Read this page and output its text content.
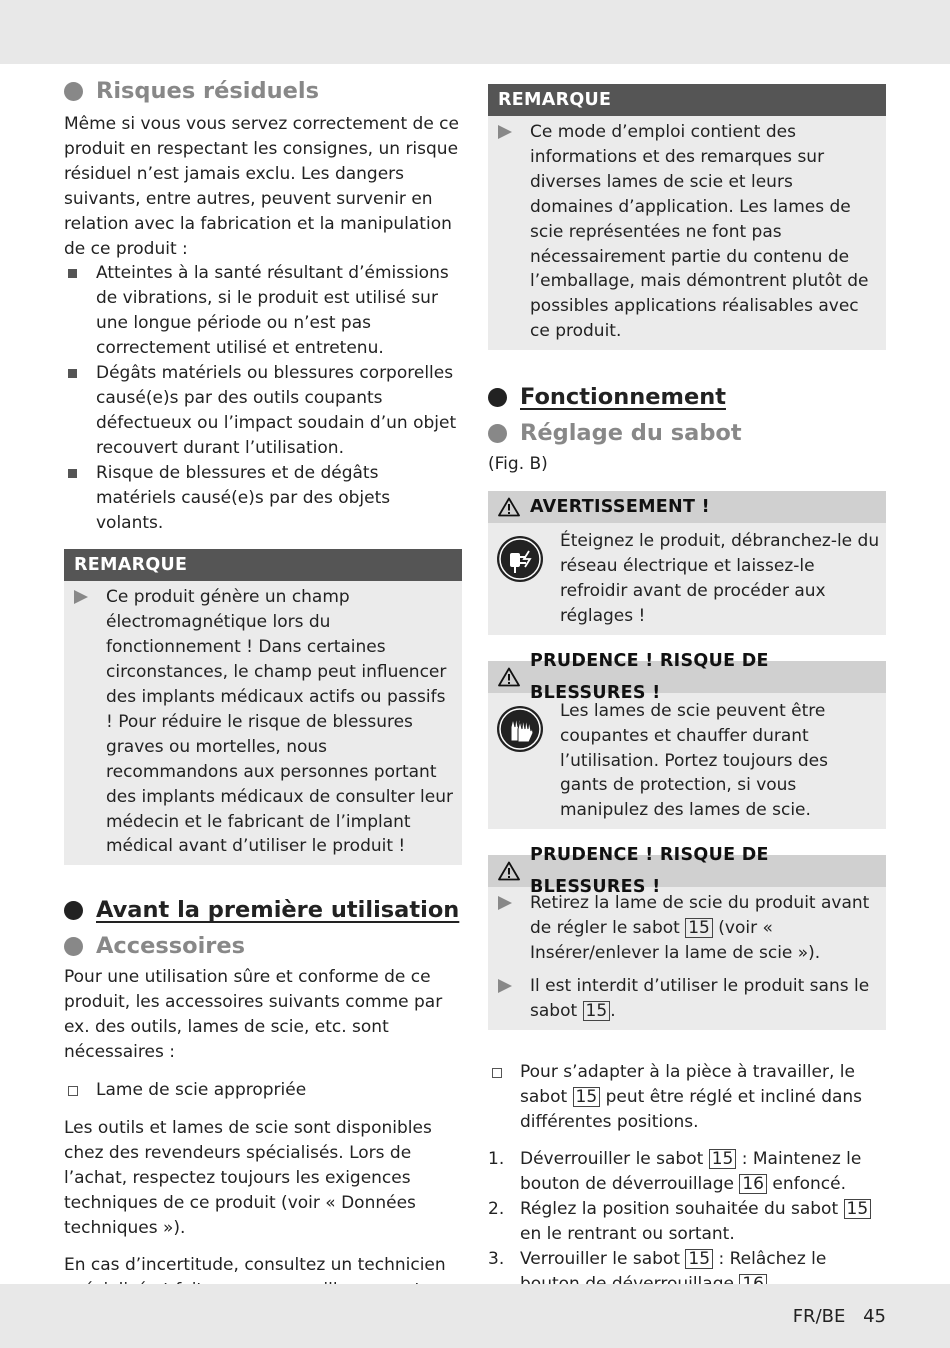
Risques résiduels

Même si vous vous servez correctement de ce produit en respectant les consignes, un risque résiduel n’est jamais exclu. Les dangers suivants, entre autres, peuvent survenir en relation avec la fabrication et la manipulation de ce produit :

Atteintes à la santé résultant d’émissions de vibrations, si le produit est utilisé sur une longue période ou n’est pas correctement utilisé et entretenu.
Dégâts matériels ou blessures corporelles causé(e)s par des outils coupants défectueux ou l’impact soudain d’un objet recouvert durant l’utilisation.
Risque de blessures et de dégâts matériels causé(e)s par des objets volants.
REMARQUE
Ce produit génère un champ électromagnétique lors du fonctionnement ! Dans certaines circonstances, le champ peut influencer des implants médicaux actifs ou passifs ! Pour réduire le risque de blessures graves ou mortelles, nous recommandons aux personnes portant des implants médicaux de consulter leur médecin et le fabricant de l’implant médical avant d’utiliser le produit !
Avant la première utilisation
Accessoires

Pour une utilisation sûre et conforme de ce produit, les accessoires suivants comme par ex. des outils, lames de scie, etc. sont nécessaires :

Lame de scie appropriée

Les outils et lames de scie sont disponibles chez des revendeurs spécialisés. Lors de l’achat, respectez toujours les exigences techniques de ce produit (voir « Données techniques »).

En cas d’incertitude, consultez un technicien

REMARQUE
Ce mode d’emploi contient des informations et des remarques sur diverses lames de scie et leurs domaines d’application. Les lames de scie représentées ne font pas nécessairement partie du contenu de l’emballage, mais démontrent plutôt de possibles applications réalisables avec ce produit.
Fonctionnement
Réglage du sabot

(Fig. B)

AVERTISSEMENT !
Éteignez le produit, débranchez-le du réseau électrique et laissez-le refroidir avant de procéder aux réglages !
PRUDENCE ! RISQUE DE BLESSURES !
Les lames de scie peuvent être coupantes et chauffer durant l’utilisation. Portez toujours des gants de protection, si vous manipulez des lames de scie.
PRUDENCE ! RISQUE DE BLESSURES !
Retirez la lame de scie du produit avant de régler le sabot 15 (voir « Insérer/enlever la lame de scie »).
Il est interdit d’utiliser le produit sans le sabot 15 .
Pour s’adapter à la pièce à travailler, le sabot 15 peut être réglé et incliné dans différentes positions.
1. Déverrouiller le sabot 15 : Maintenez le bouton de déverrouillage 16 enfoncé.
2. Réglez la position souhaitée du sabot 15 en le rentrant ou sortant.
3. Verrouiller le sabot 15 : Relâchez le
FR/BE 45
